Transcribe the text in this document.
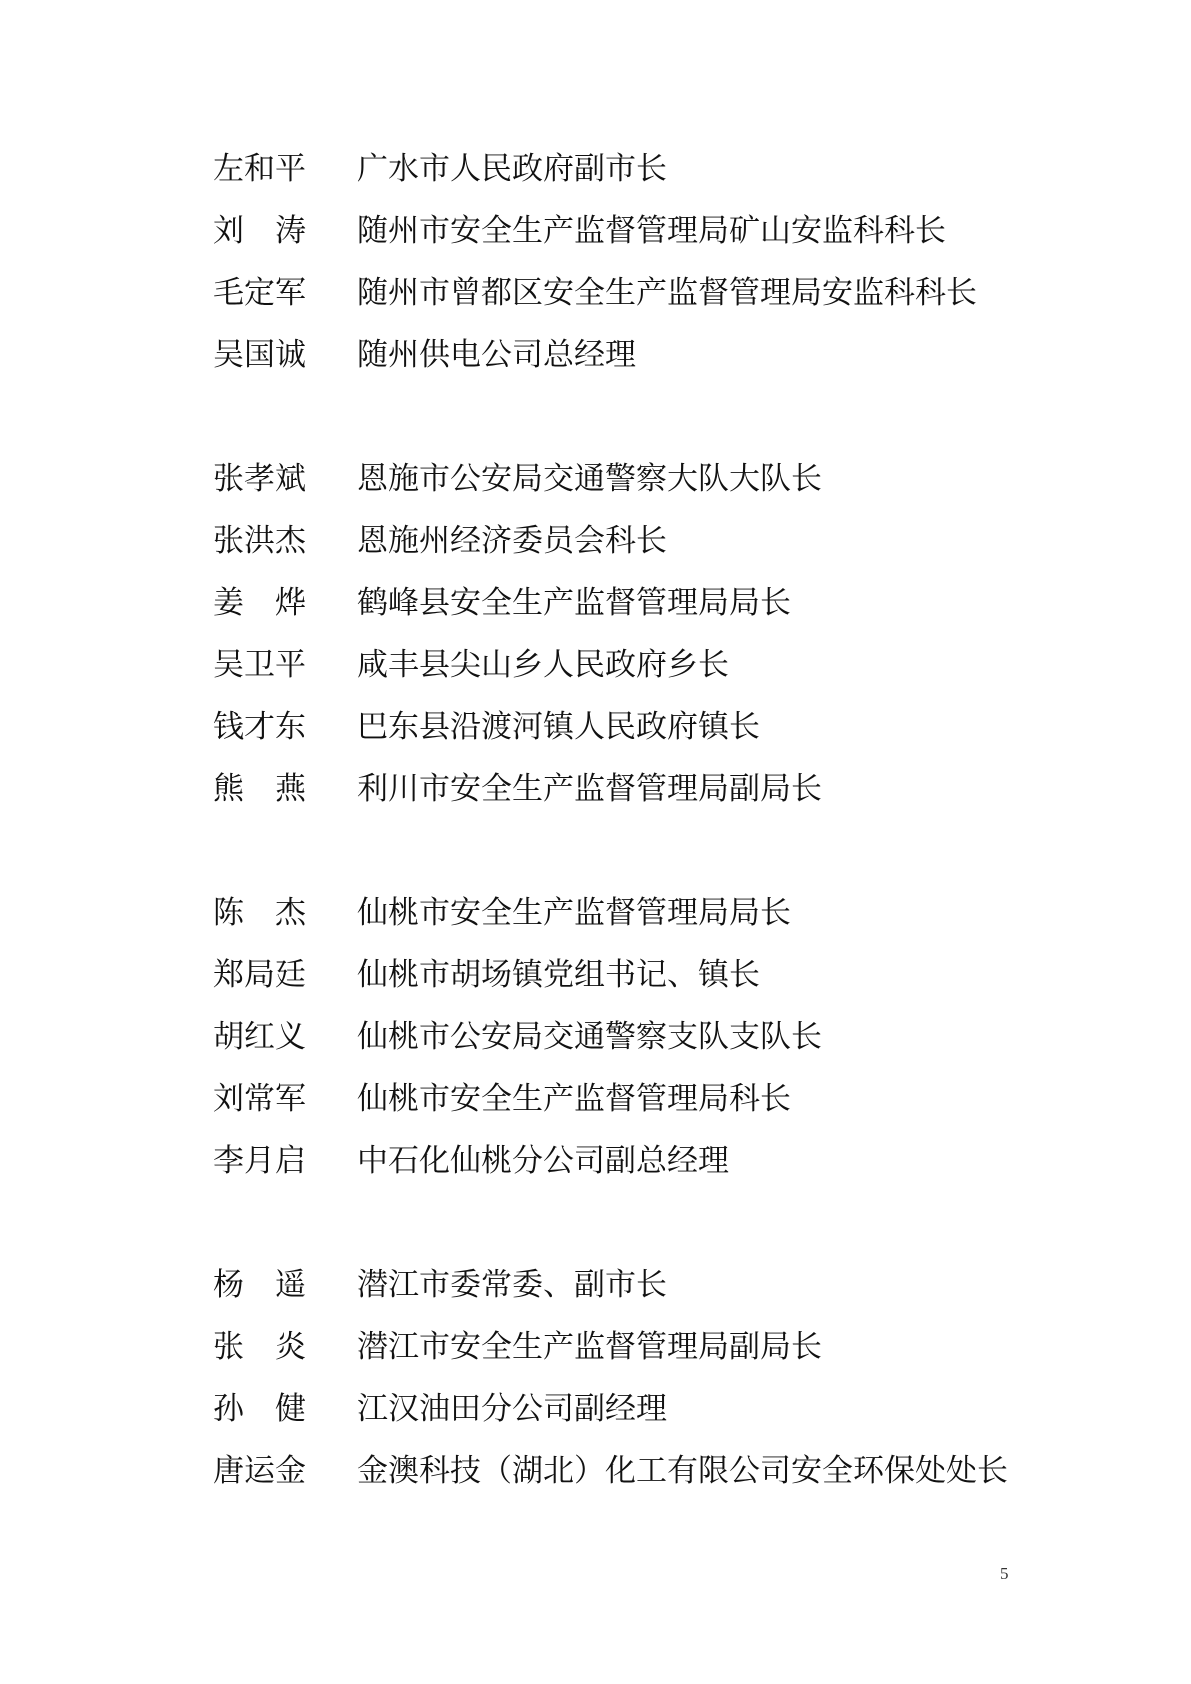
左和平	广水市人民政府副市长
刘　涛	随州市安全生产监督管理局矿山安监科科长
毛定军	随州市曾都区安全生产监督管理局安监科科长
吴国诚	随州供电公司总经理
张孝斌	恩施市公安局交通警察大队大队长
张洪杰	恩施州经济委员会科长
姜　烨	鹤峰县安全生产监督管理局局长
吴卫平	咸丰县尖山乡人民政府乡长
钱才东	巴东县沿渡河镇人民政府镇长
熊　燕	利川市安全生产监督管理局副局长
陈　杰	仙桃市安全生产监督管理局局长
郑局廷	仙桃市胡场镇党组书记、镇长
胡红义	仙桃市公安局交通警察支队支队长
刘常军	仙桃市安全生产监督管理局科长
李月启	中石化仙桃分公司副总经理
杨　遥	潜江市委常委、副市长
张　炎	潜江市安全生产监督管理局副局长
孙　健	江汉油田分公司副经理
唐运金	金澳科技（湖北）化工有限公司安全环保处处长
5
